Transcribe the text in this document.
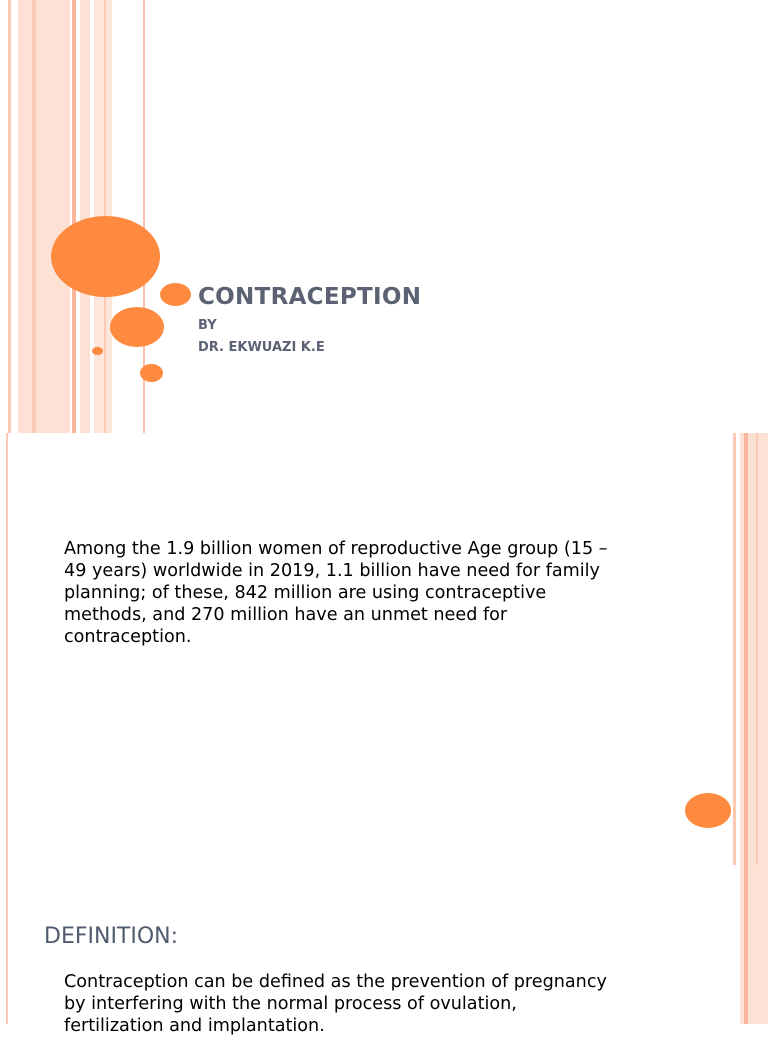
CONTRACEPTION
BY
DR. EKWUAZI K.E
Among the 1.9 billion women of reproductive Age group (15 –
49 years) worldwide in 2019, 1.1 billion have need for family
planning; of these, 842 million are using contraceptive
methods, and 270 million have an unmet need for
contraception.
DEFINITION:
Contraception can be defined as the prevention of pregnancy
by interfering with the normal process of ovulation,
fertilization and implantation.
